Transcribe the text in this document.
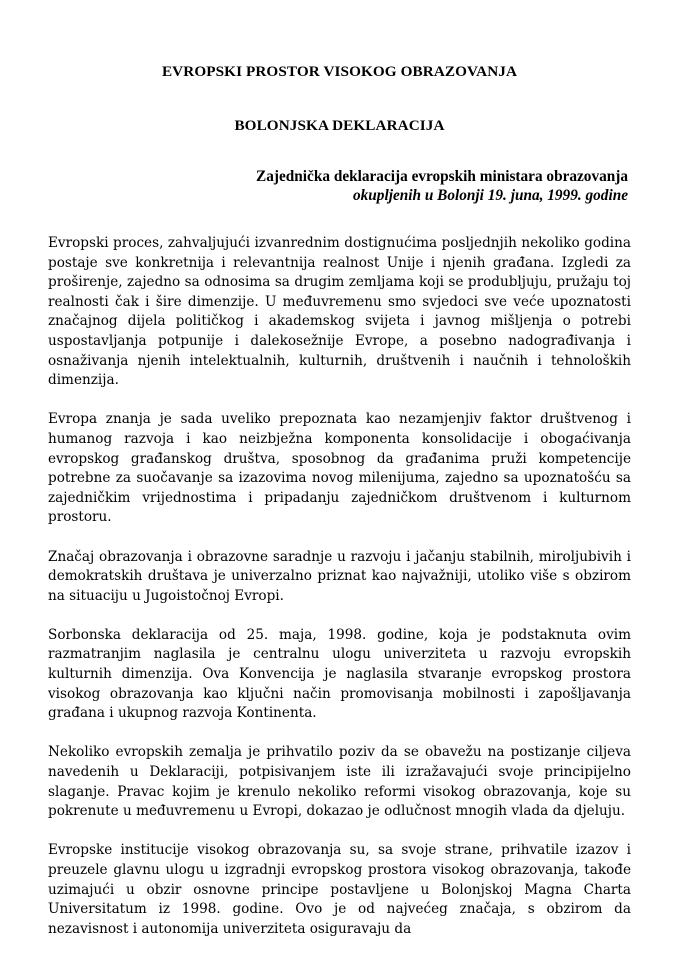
EVROPSKI PROSTOR VISOKOG OBRAZOVANJA
BOLONJSKA DEKLARACIJA
Zajednička deklaracija evropskih ministara obrazovanja
okupljenih u Bolonji 19. juna, 1999. godine

Evropski proces, zahvaljujući izvanrednim dostignućima posljednjih nekoliko godina postaje sve konkretnija i relevantnija realnost Unije i njenih građana. Izgledi za proširenje, zajedno sa odnosima sa drugim zemljama koji se produbljuju, pružaju toj realnosti čak i šire dimenzije. U međuvremenu smo svjedoci sve veće upoznatosti značajnog dijela političkog i akademskog svijeta i javnog mišljenja o potrebi uspostavljanja potpunije i dalekosežnije Evrope, a posebno nadograđivanja i osnaživanja njenih intelektualnih, kulturnih, društvenih i naučnih i tehnoloških dimenzija.

Evropa znanja je sada uveliko prepoznata kao nezamjenjiv faktor društvenog i humanog razvoja i kao neizbježna komponenta konsolidacije i obogaćivanja evropskog građanskog društva, sposobnog da građanima pruži kompetencije potrebne za suočavanje sa izazovima novog milenijuma, zajedno sa upoznatošću sa zajedničkim vrijednostima i pripadanju zajedničkom društvenom i kulturnom prostoru.

Značaj obrazovanja i obrazovne saradnje u razvoju i jačanju stabilnih, miroljubivih i demokratskih društava je univerzalno priznat kao najvažniji, utoliko više s obzirom na situaciju u Jugoistočnoj Evropi.

Sorbonska deklaracija od 25. maja, 1998. godine, koja je podstaknuta ovim razmatranjim naglasila je centralnu ulogu univerziteta u razvoju evropskih kulturnih dimenzija. Ova Konvencija je naglasila stvaranje evropskog prostora visokog obrazovanja kao ključni način promovisanja mobilnosti i zapošljavanja građana i ukupnog razvoja Kontinenta.

Nekoliko evropskih zemalja je prihvatilo poziv da se obavežu na postizanje ciljeva navedenih u Deklaraciji, potpisivanjem iste ili izražavajući svoje principijelno slaganje. Pravac kojim je krenulo nekoliko reformi visokog obrazovanja, koje su pokrenute u međuvremenu u Evropi, dokazao je odlučnost mnogih vlada da djeluju.

Evropske institucije visokog obrazovanja su, sa svoje strane, prihvatile izazov i preuzele glavnu ulogu u izgradnji evropskog prostora visokog obrazovanja, takođe uzimajući u obzir osnovne principe postavljene u Bolonjskoj Magna Charta Universitatum iz 1998. godine. Ovo je od najvećeg značaja, s obzirom da nezavisnost i autonomija univerziteta osiguravaju da
